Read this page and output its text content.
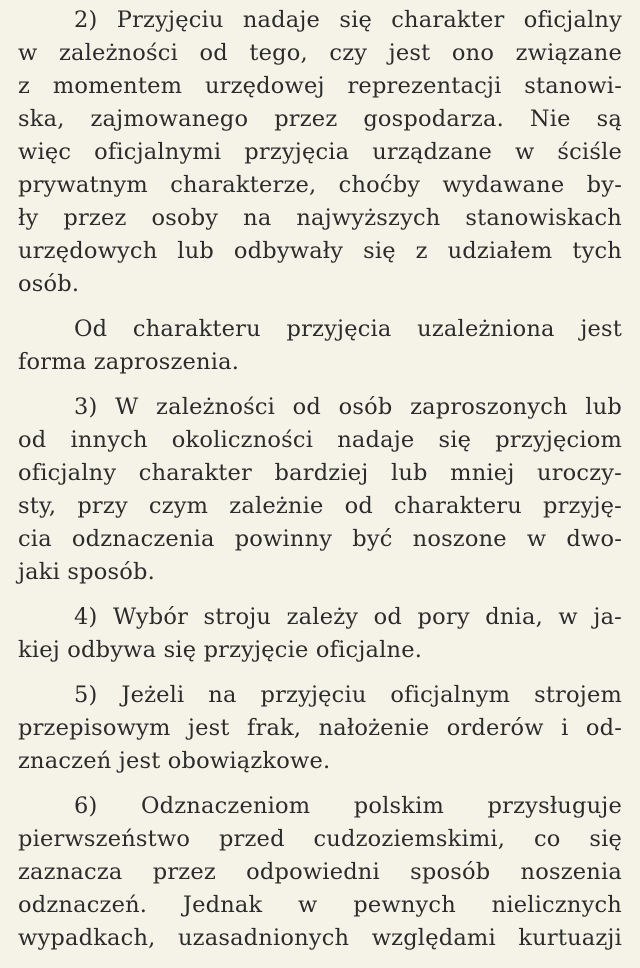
2) Przyjęciu nadaje się charakter oficjalny
w zależności od tego, czy jest ono związane
z momentem urzędowej reprezentacji stanowi-
ska, zajmowanego przez gospodarza. Nie są
więc oficjalnymi przyjęcia urządzane w ściśle
prywatnym charakterze, choćby wydawane by-
ły przez osoby na najwyższych stanowiskach
urzędowych lub odbywały się z udziałem tych
osób.
Od charakteru przyjęcia uzależniona jest
forma zaproszenia.
3) W zależności od osób zaproszonych lub
od innych okoliczności nadaje się przyjęciom
oficjalny charakter bardziej lub mniej uroczy-
sty, przy czym zależnie od charakteru przyję-
cia odznaczenia powinny być noszone w dwo-
jaki sposób.
4) Wybór stroju zależy od pory dnia, w ja-
kiej odbywa się przyjęcie oficjalne.
5) Jeżeli na przyjęciu oficjalnym strojem
przepisowym jest frak, nałożenie orderów i od-
znaczeń jest obowiązkowe.
6) Odznaczeniom polskim przysługuje
pierwszeństwo przed cudzoziemskimi, co się
zaznacza przez odpowiedni sposób noszenia
odznaczeń. Jednak w pewnych nielicznych
wypadkach, uzasadnionych względami kurtuazji
